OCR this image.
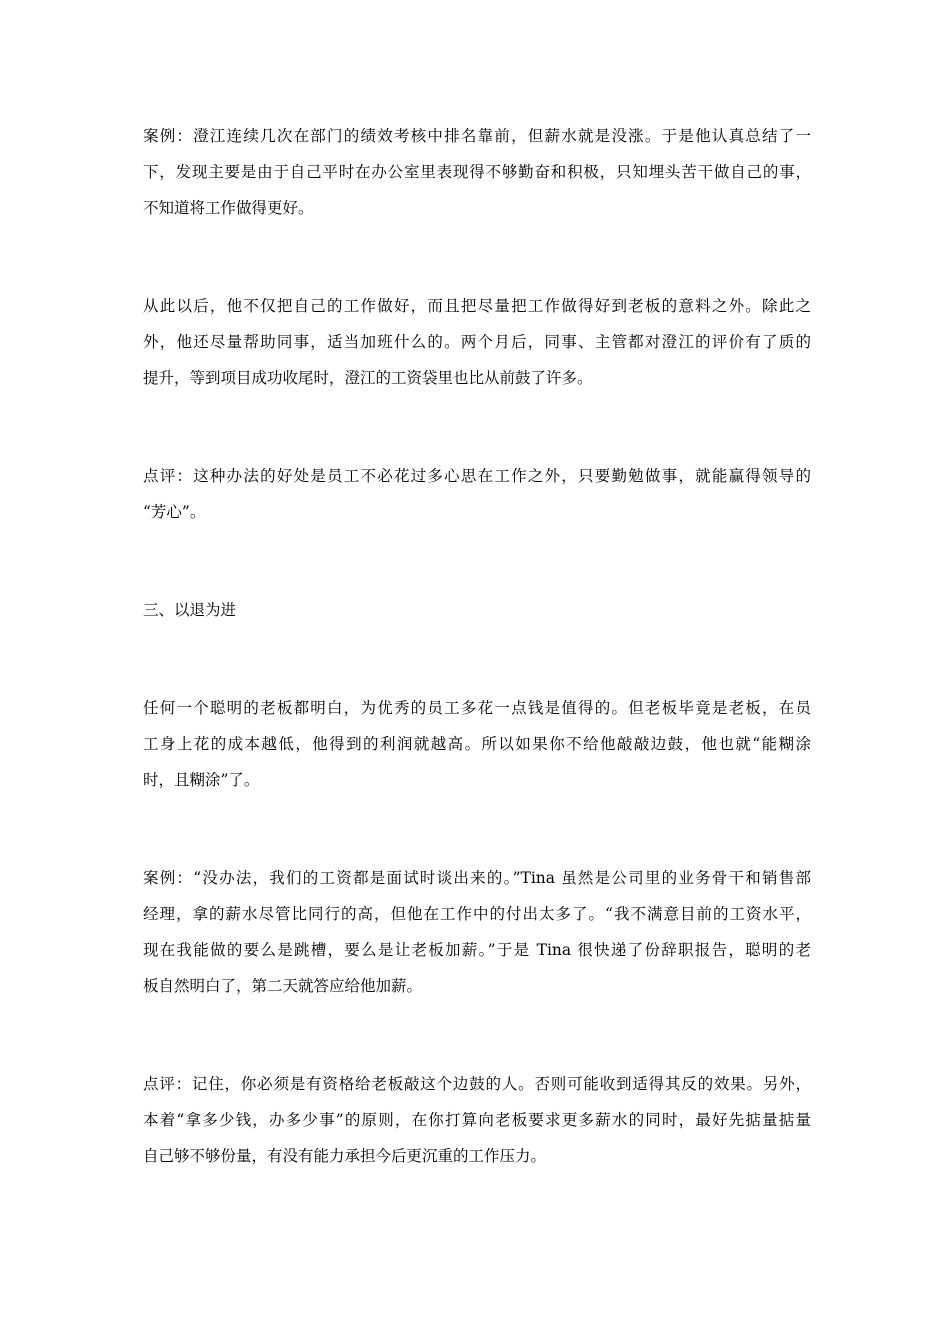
案例：澄江连续几次在部门的绩效考核中排名靠前，但薪水就是没涨。于是他认真总结了一
下，发现主要是由于自己平时在办公室里表现得不够勤奋和积极，只知埋头苦干做自己的事，
不知道将工作做得更好。

从此以后，他不仅把自己的工作做好，而且把尽量把工作做得好到老板的意料之外。除此之
外，他还尽量帮助同事，适当加班什么的。两个月后，同事、主管都对澄江的评价有了质的
提升，等到项目成功收尾时，澄江的工资袋里也比从前鼓了许多。

点评：这种办法的好处是员工不必花过多心思在工作之外，只要勤勉做事，就能赢得领导的
“芳心”。

三、以退为进

任何一个聪明的老板都明白，为优秀的员工多花一点钱是值得的。但老板毕竟是老板，在员
工身上花的成本越低，他得到的利润就越高。所以如果你不给他敲敲边鼓，他也就“能糊涂
时，且糊涂”了。

案例：“没办法，我们的工资都是面试时谈出来的。”Tina 虽然是公司里的业务骨干和销售部
经理，拿的薪水尽管比同行的高，但他在工作中的付出太多了。“我不满意目前的工资水平，
现在我能做的要么是跳槽，要么是让老板加薪。”于是 Tina 很快递了份辞职报告，聪明的老
板自然明白了，第二天就答应给他加薪。

点评：记住，你必须是有资格给老板敲这个边鼓的人。否则可能收到适得其反的效果。另外，
本着“拿多少钱，办多少事”的原则，在你打算向老板要求更多薪水的同时，最好先掂量掂量
自己够不够份量，有没有能力承担今后更沉重的工作压力。
